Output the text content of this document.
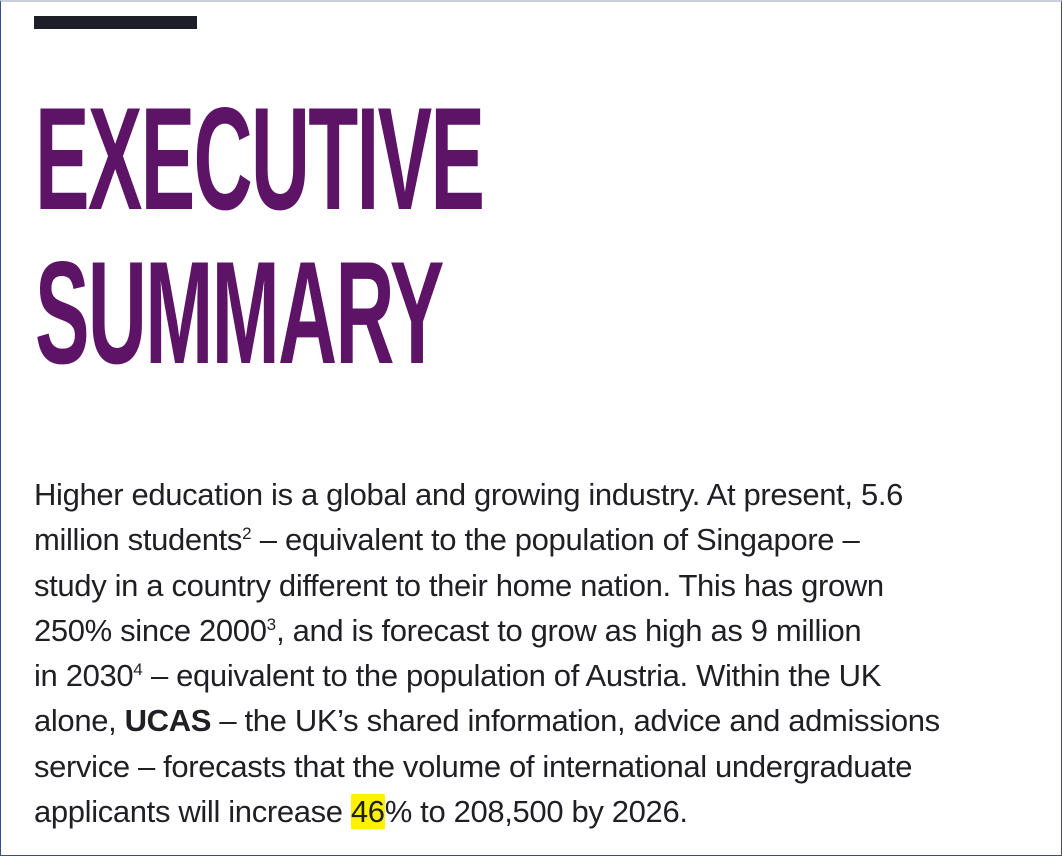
EXECUTIVE
SUMMARY

Higher education is a global and growing industry. At present, 5.6
million students$^2$ – equivalent to the population of Singapore –
study in a country different to their home nation. This has grown
250% since 2000$^3$, and is forecast to grow as high as 9 million
in 2030$^4$ – equivalent to the population of Austria. Within the UK
alone, UCAS – the UK’s shared information, advice and admissions
service – forecasts that the volume of international undergraduate
applicants will increase 46% to 208,500 by 2026.
